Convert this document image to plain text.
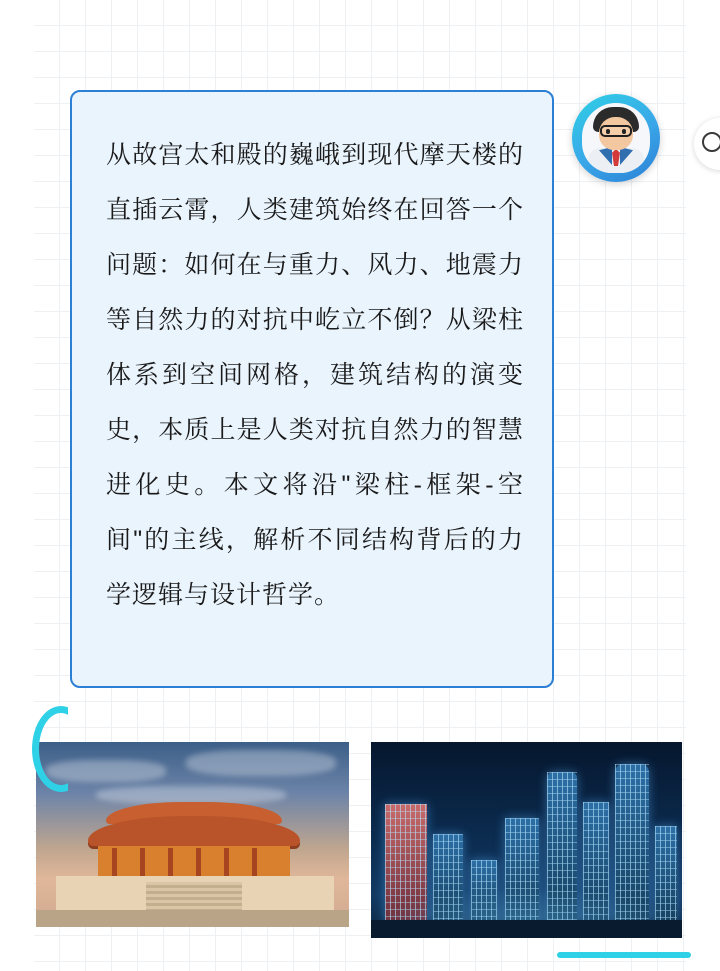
从故宫太和殿的巍峨到现代摩天楼的直插云霄，人类建筑始终在回答一个问题：如何在与重力、风力、地震力等自然力的对抗中屹立不倒？从梁柱体系到空间网格，建筑结构的演变史，本质上是人类对抗自然力的智慧进化史。本文将沿"梁柱-框架-空间"的主线，解析不同结构背后的力学逻辑与设计哲学。
